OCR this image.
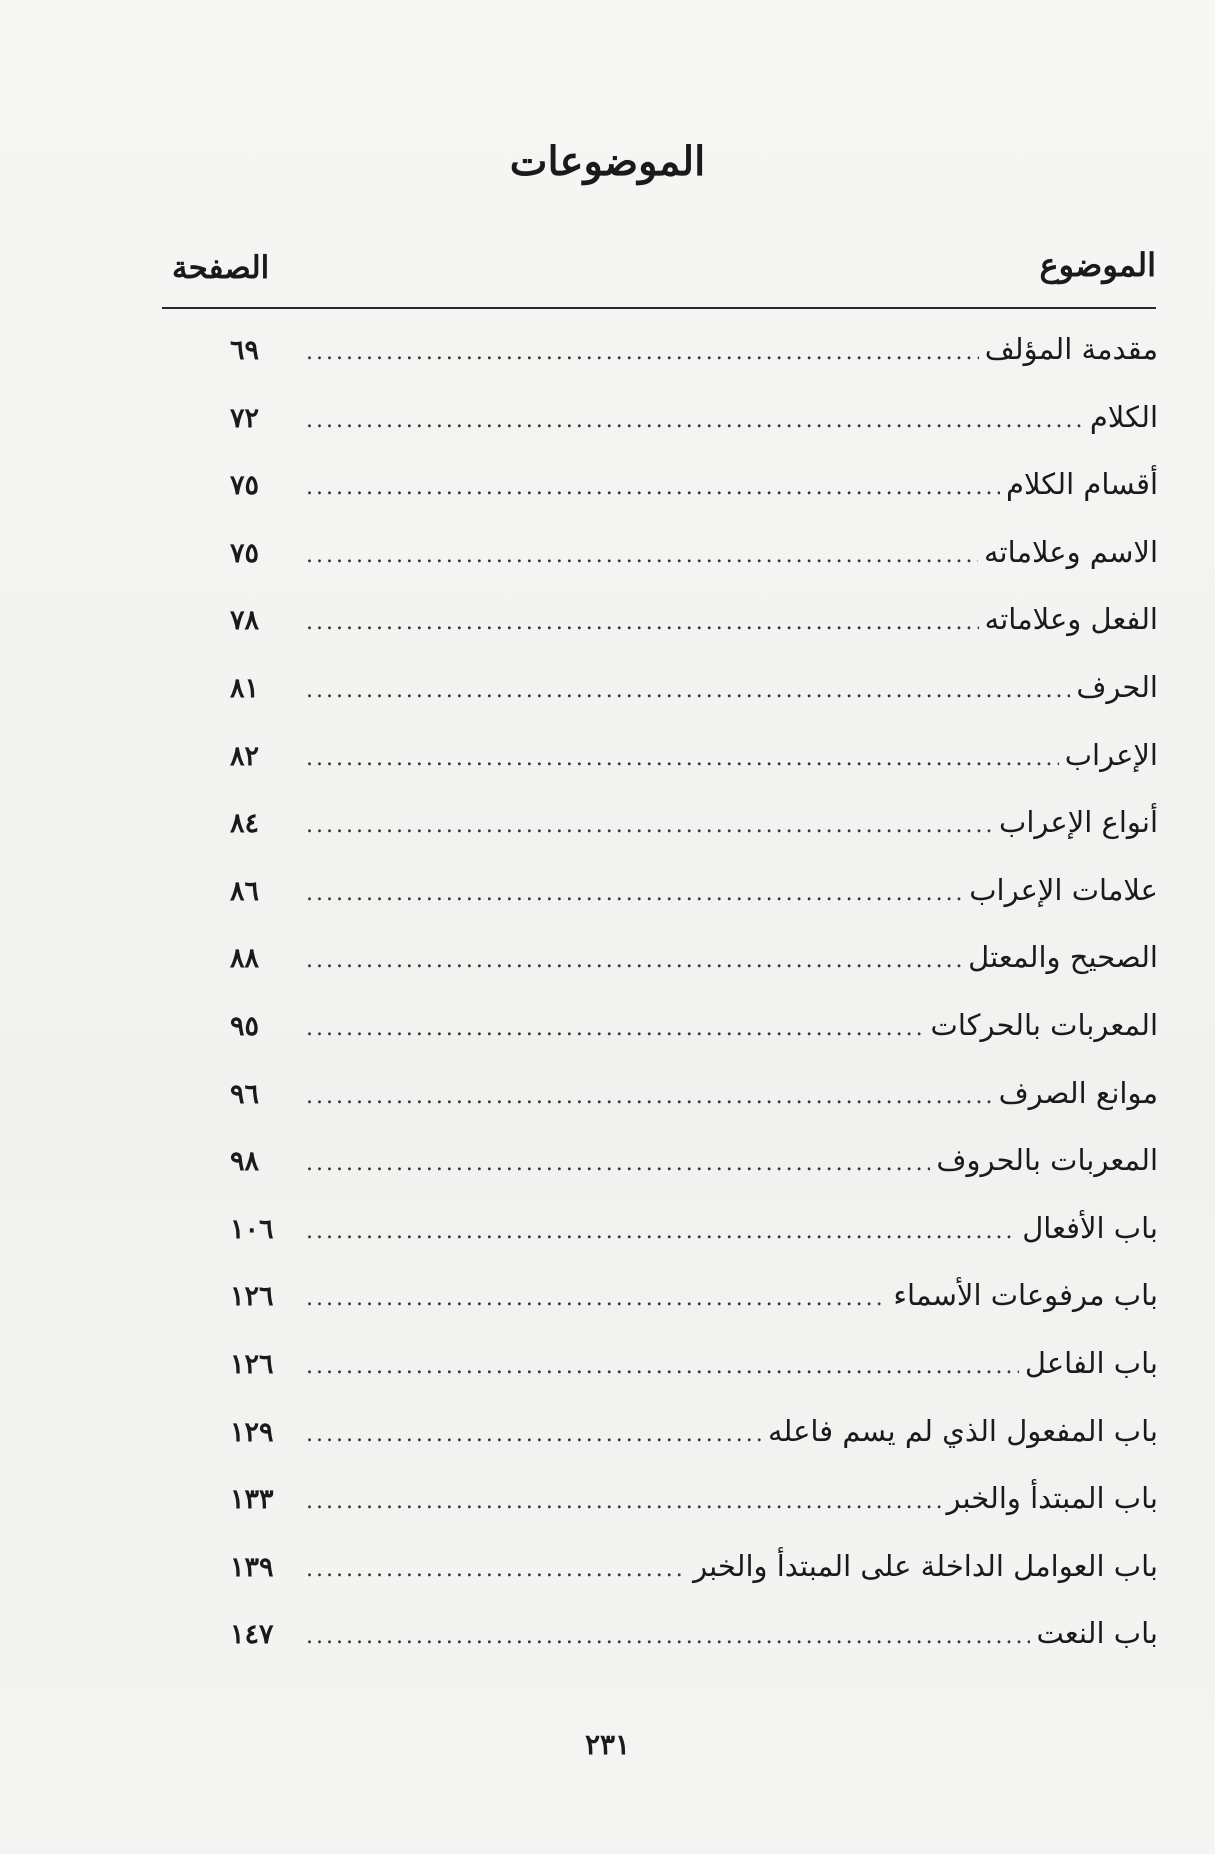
الموضوعات
الموضوع
الصفحة
مقدمة المؤلف
.....
٦٩
الكلام
.....
٧٢
أقسام الكلام
.....
٧٥
الاسم وعلاماته
.....
٧٥
الفعل وعلاماته
.....
٧٨
الحرف
.....
٨١
الإعراب
.....
٨٢
أنواع الإعراب
.....
٨٤
علامات الإعراب
.....
٨٦
الصحيح والمعتل
.....
٨٨
المعربات بالحركات
.....
٩٥
موانع الصرف
.....
٩٦
المعربات بالحروف
.....
٩٨
باب الأفعال
.....
١٠٦
باب مرفوعات الأسماء
.....
١٢٦
باب الفاعل
.....
١٢٦
باب المفعول الذي لم يسم فاعله
.....
١٢٩
باب المبتدأ والخبر
.....
١٣٣
باب العوامل الداخلة على المبتدأ والخبر
.....
١٣٩
باب النعت
.....
١٤٧
٢٣١
